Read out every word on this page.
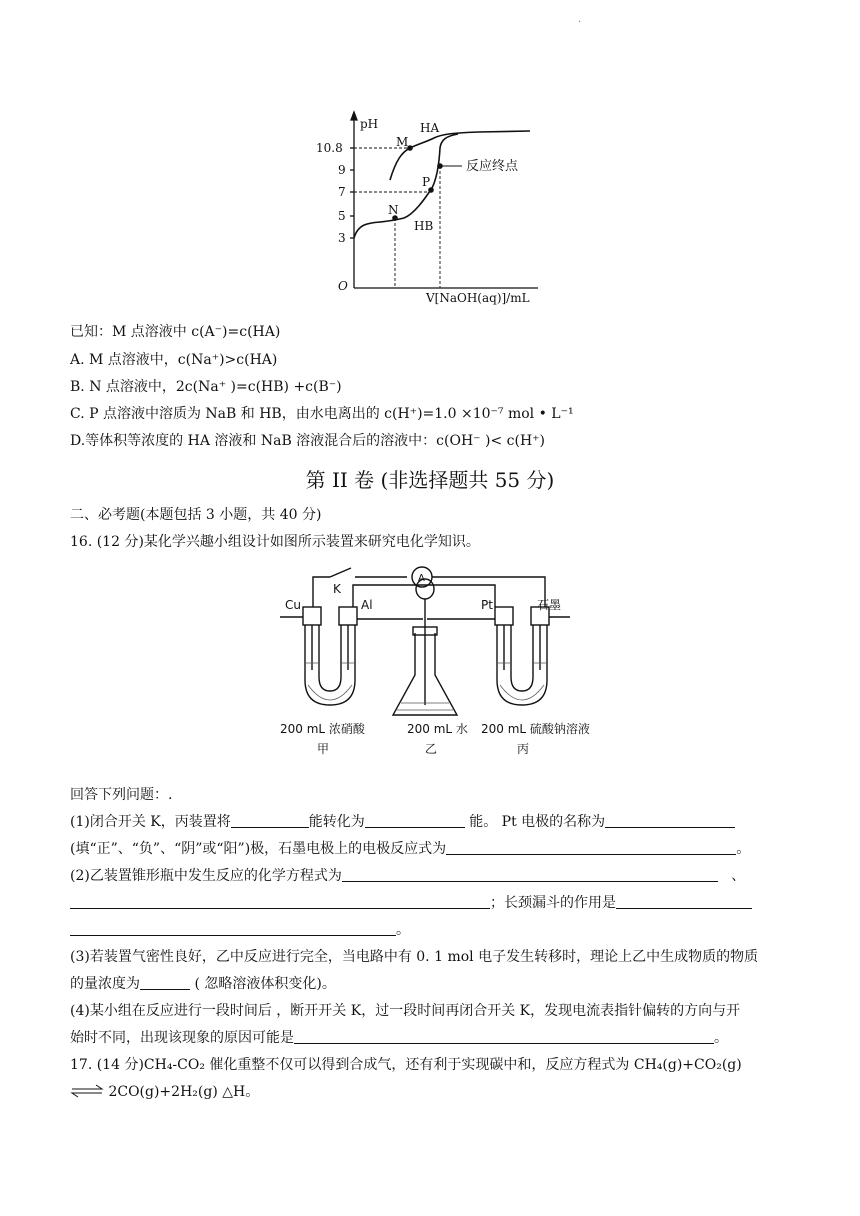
.
pH
10.8
9
7
5
3
O
HA
HB
M
N
P
反应终点
V[NaOH(aq)]/mL
已知：M 点溶液中 c(A⁻)=c(HA)
A. M 点溶液中，c(Na⁺)>c(HA)
B. N 点溶液中，2c(Na⁺ )=c(HB) +c(B⁻)
C. P 点溶液中溶质为 NaB 和 HB，由水电离出的 c(H⁺)=1.0 ×10⁻⁷ mol • L⁻¹
D.等体积等浓度的 HA 溶液和 NaB 溶液混合后的溶液中：c(OH⁻ )< c(H⁺)
第 II 卷 (非选择题共 55 分)
二、必考题(本题包括 3 小题，共 40 分)
16. (12 分)某化学兴趣小组设计如图所示装置来研究电化学知识。
Cu	Al	Pt	石墨
K
A
200 mL 浓硝酸	200 mL 水 200 mL 硫酸钠溶液
甲	乙	丙
回答下列问题：.
(1)闭合开关 K，丙装置将	能转化为	能。 Pt 电极的名称为
(填“正”、“负”、“阴”或“阳”)极，石墨电极上的电极反应式为	。
(2)乙装置锥形瓶中发生反应的化学方程式为	、
；长颈漏斗的作用是
。
(3)若装置气密性良好，乙中反应进行完全，当电路中有 0. 1 mol 电子发生转移时，理论上乙中生成物质的物质
的量浓度为	( 忽略溶液体积变化)。
(4)某小组在反应进行一段时间后 ，断开开关 K，过一段时间再闭合开关 K，发现电流表指针偏转的方向与开
始时不同，出现该现象的原因可能是	。
17. (14 分)CH₄-CO₂ 催化重整不仅可以得到合成气，还有利于实现碳中和，反应方程式为 CH₄(g)+CO₂(g)
⇌ 2CO(g)+2H₂(g) △H。
